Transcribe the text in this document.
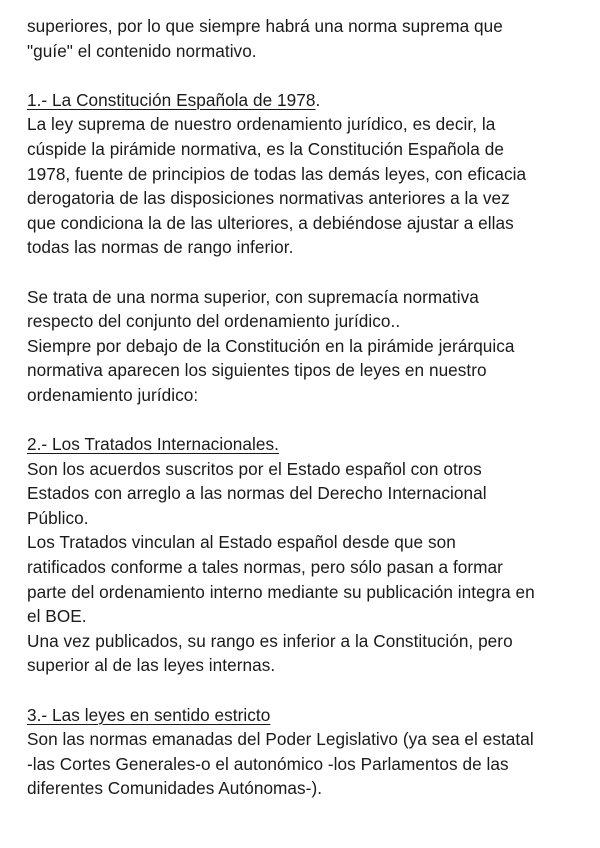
superiores, por lo que siempre habrá una norma suprema que
"guíe" el contenido normativo.
1.- La Constitución Española de 1978.
La ley suprema de nuestro ordenamiento jurídico, es decir, la
cúspide la pirámide normativa, es la Constitución Española de
1978, fuente de principios de todas las demás leyes, con eficacia
derogatoria de las disposiciones normativas anteriores a la vez
que condiciona la de las ulteriores, a debiéndose ajustar a ellas
todas las normas de rango inferior.
Se trata de una norma superior, con supremacía normativa
respecto del conjunto del ordenamiento jurídico..
Siempre por debajo de la Constitución en la pirámide jerárquica
normativa aparecen los siguientes tipos de leyes en nuestro
ordenamiento jurídico:
2.- Los Tratados Internacionales.
Son los acuerdos suscritos por el Estado español con otros
Estados con arreglo a las normas del Derecho Internacional
Público.
Los Tratados vinculan al Estado español desde que son
ratificados conforme a tales normas, pero sólo pasan a formar
parte del ordenamiento interno mediante su publicación integra en
el BOE.
Una vez publicados, su rango es inferior a la Constitución, pero
superior al de las leyes internas.
3.- Las leyes en sentido estricto
Son las normas emanadas del Poder Legislativo (ya sea el estatal
-las Cortes Generales-o el autonómico -los Parlamentos de las
diferentes Comunidades Autónomas-).
